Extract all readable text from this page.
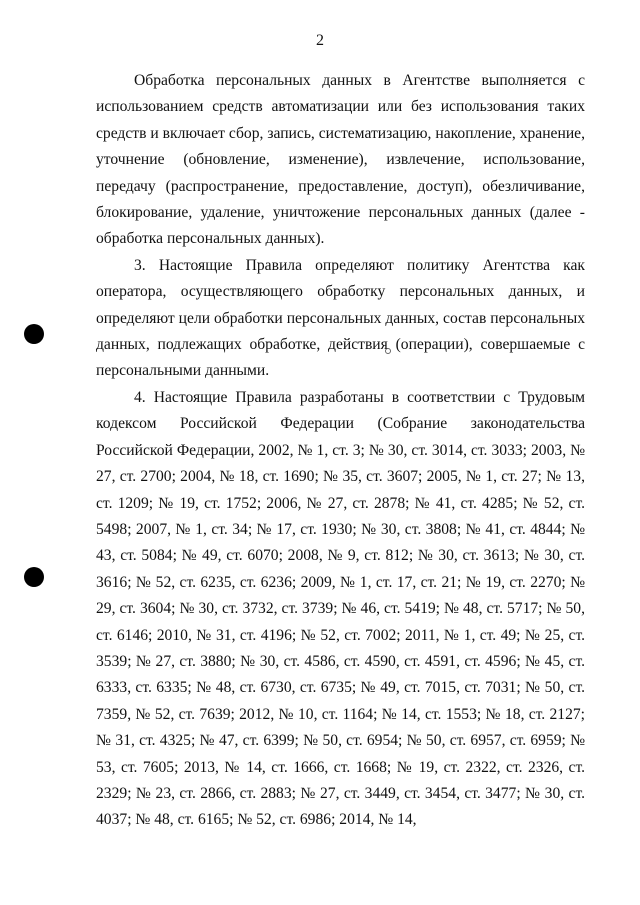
2

Обработка персональных данных в Агентстве выполняется с использованием средств автоматизации или без использования таких средств и включает сбор, запись, систематизацию, накопление, хранение, уточнение (обновление, изменение), извлечение, использование, передачу (распространение, предоставление, доступ), обезличивание, блокирование, удаление, уничтожение персональных данных (далее - обработка персональных данных).

3. Настоящие Правила определяют политику Агентства как оператора, осуществляющего обработку персональных данных, и определяют цели обработки персональных данных, состав персональных данных, подлежащих обработке, действия (операции), совершаемые с персональными данными.

4. Настоящие Правила разработаны в соответствии с Трудовым кодексом Российской Федерации (Собрание законодательства Российской Федерации, 2002, № 1, ст. 3; № 30, ст. 3014, ст. 3033; 2003, № 27, ст. 2700; 2004, № 18, ст. 1690; № 35, ст. 3607; 2005, № 1, ст. 27; № 13, ст. 1209; № 19, ст. 1752; 2006, № 27, ст. 2878; № 41, ст. 4285; № 52, ст. 5498; 2007, № 1, ст. 34; № 17, ст. 1930; № 30, ст. 3808; № 41, ст. 4844; № 43, ст. 5084; № 49, ст. 6070; 2008, № 9, ст. 812; № 30, ст. 3613; № 30, ст. 3616; № 52, ст. 6235, ст. 6236; 2009, № 1, ст. 17, ст. 21; № 19, ст. 2270; № 29, ст. 3604; № 30, ст. 3732, ст. 3739; № 46, ст. 5419; № 48, ст. 5717; № 50, ст. 6146; 2010, № 31, ст. 4196; № 52, ст. 7002; 2011, № 1, ст. 49; № 25, ст. 3539; № 27, ст. 3880; № 30, ст. 4586, ст. 4590, ст. 4591, ст. 4596; № 45, ст. 6333, ст. 6335; № 48, ст. 6730, ст. 6735; № 49, ст. 7015, ст. 7031; № 50, ст. 7359, № 52, ст. 7639; 2012, № 10, ст. 1164; № 14, ст. 1553; № 18, ст. 2127; № 31, ст. 4325; № 47, ст. 6399; № 50, ст. 6954; № 50, ст. 6957, ст. 6959; № 53, ст. 7605; 2013, № 14, ст. 1666, ст. 1668; № 19, ст. 2322, ст. 2326, ст. 2329; № 23, ст. 2866, ст. 2883; № 27, ст. 3449, ст. 3454, ст. 3477; № 30, ст. 4037; № 48, ст. 6165; № 52, ст. 6986; 2014, № 14,
